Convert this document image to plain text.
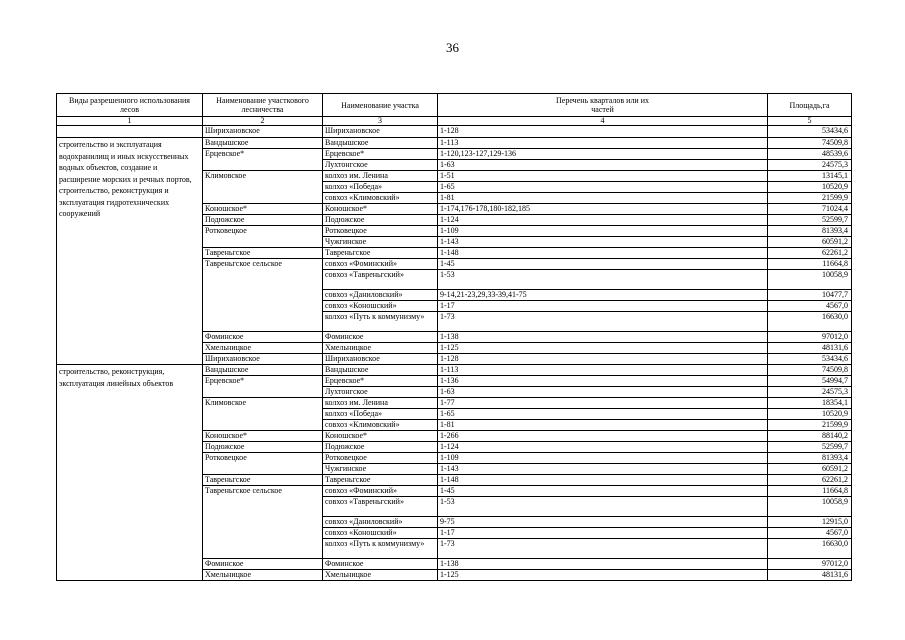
36
Виды разрешенного использования лесов	Наименование участкового лесничества	Наименование участка	Перечень кварталов или их частей	Площадь,га
1	2	3	4	5
	Шириханoвское	Шириханoвское	1-128	53434,6
строительство и эксплуатация водохранилищ и иных искусственных водных объектов, создание и расширение морских и речных портов, строительство, реконструкция и эксплуатация гидротехнических сооружений	Вандышское	Вандышское	1-113	74509,8
	Ерцевское*	Ерцевское*	1-120,123-127,129-136	48539,6
		Лухтонгское	1-63	24575,3
	Климовское	колхоз им. Ленина	1-51	13145,1
		колхоз «Победа»	1-65	10520,9
		совхоз «Климовский»	1-81	21599,9
	Коношское*	Коношское*	1-174,176-178,180-182,185	71024,4
	Подюжское	Подюжское	1-124	52599,7
	Ротковецкое	Ротковецкое	1-109	81393,4
		Чужгинское	1-143	60591,2
	Тавреньгское	Тавреньгское	1-148	62261,2
	Тавреньгское сельское	совхоз «Фоминский»	1-45	11664,8
		совхоз «Тавреньгский»	1-53	10058,9
		совхоз «Даниловский»	9-14,21-23,29,33-39,41-75	10477,7
		совхоз «Коношский»	1-17	4567,0
		колхоз «Путь к коммунизму»	1-73	16630,0
	Фоминское	Фоминское	1-138	97012,0
	Хмельницкое	Хмельницкое	1-125	48131,6
	Шириханoвское	Шириханoвское	1-128	53434,6
строительство, реконструкция, эксплуатация линейных объектов	Вандышское	Вандышское	1-113	74509,8
	Ерцевское*	Ерцевское*	1-136	54994,7
		Лухтонгское	1-63	24575,3
	Климовское	колхоз им. Ленина	1-77	18354,1
		колхоз «Победа»	1-65	10520,9
		совхоз «Климовский»	1-81	21599,9
	Коношское*	Коношское*	1-266	88140,2
	Подюжское	Подюжское	1-124	52599,7
	Ротковецкое	Ротковецкое	1-109	81393,4
		Чужгинское	1-143	60591,2
	Тавреньгское	Тавреньгское	1-148	62261,2
	Тавреньгское сельское	совхоз «Фоминский»	1-45	11664,8
		совхоз «Тавреньгский»	1-53	10058,9
		совхоз «Даниловский»	9-75	12915,0
		совхоз «Коношский»	1-17	4567,0
		колхоз «Путь к коммунизму»	1-73	16630,0
	Фоминское	Фоминское	1-138	97012,0
	Хмельницкое	Хмельницкое	1-125	48131,6
